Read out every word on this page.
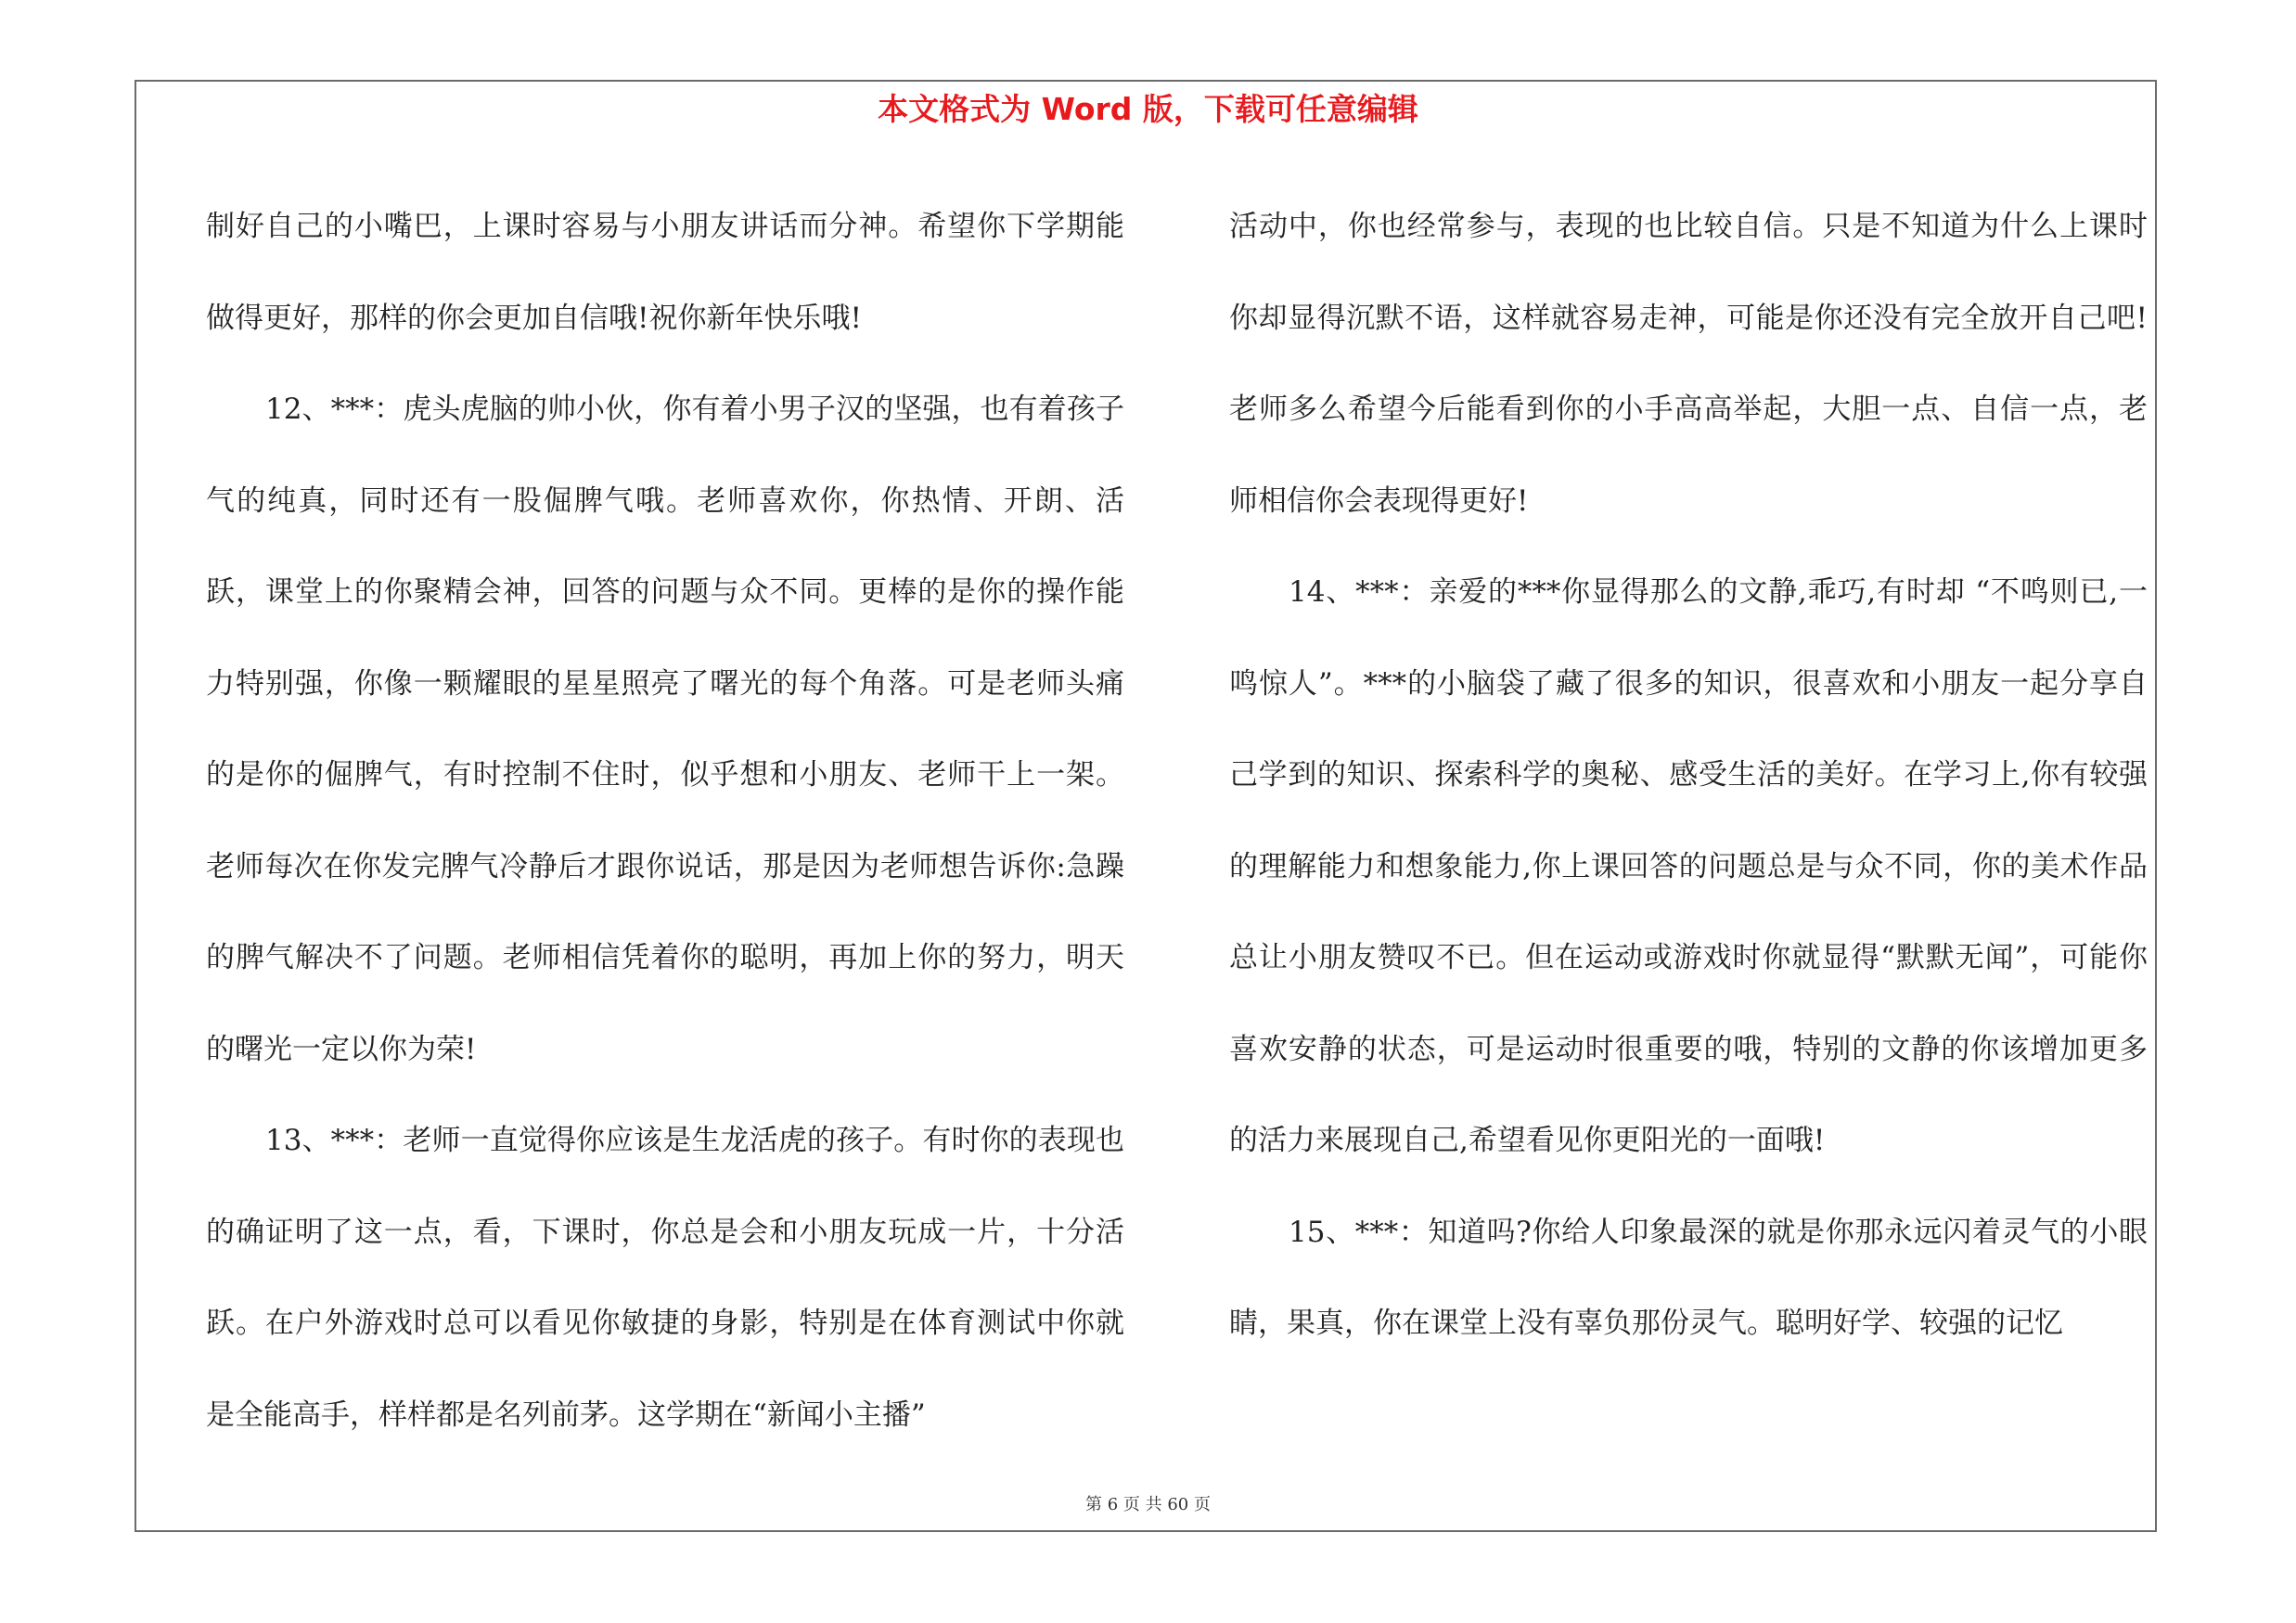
本文格式为 Word 版，下载可任意编辑

制好自己的小嘴巴，上课时容易与小朋友讲话而分神。希望你下学期能做得更好，那样的你会更加自信哦!祝你新年快乐哦!

12、***：虎头虎脑的帅小伙，你有着小男子汉的坚强，也有着孩子气的纯真，同时还有一股倔脾气哦。老师喜欢你，你热情、开朗、活跃，课堂上的你聚精会神，回答的问题与众不同。更棒的是你的操作能力特别强，你像一颗耀眼的星星照亮了曙光的每个角落。可是老师头痛的是你的倔脾气，有时控制不住时，似乎想和小朋友、老师干上一架。老师每次在你发完脾气冷静后才跟你说话，那是因为老师想告诉你:急躁的脾气解决不了问题。老师相信凭着你的聪明，再加上你的努力，明天的曙光一定以你为荣!

13、***：老师一直觉得你应该是生龙活虎的孩子。有时你的表现也的确证明了这一点，看，下课时，你总是会和小朋友玩成一片，十分活跃。在户外游戏时总可以看见你敏捷的身影，特别是在体育测试中你就是全能高手，样样都是名列前茅。这学期在“新闻小主播”

活动中，你也经常参与，表现的也比较自信。只是不知道为什么上课时你却显得沉默不语，这样就容易走神，可能是你还没有完全放开自己吧!老师多么希望今后能看到你的小手高高举起，大胆一点、自信一点，老师相信你会表现得更好!

14、***：亲爱的***你显得那么的文静,乖巧,有时却 “不鸣则已,一鸣惊人”。***的小脑袋了藏了很多的知识，很喜欢和小朋友一起分享自己学到的知识、探索科学的奥秘、感受生活的美好。在学习上,你有较强的理解能力和想象能力,你上课回答的问题总是与众不同，你的美术作品总让小朋友赞叹不已。但在运动或游戏时你就显得“默默无闻”，可能你喜欢安静的状态，可是运动时很重要的哦，特别的文静的你该增加更多的活力来展现自己,希望看见你更阳光的一面哦!

15、***：知道吗?你给人印象最深的就是你那永远闪着灵气的小眼睛，果真，你在课堂上没有辜负那份灵气。聪明好学、较强的记忆

第 6 页 共 60 页
